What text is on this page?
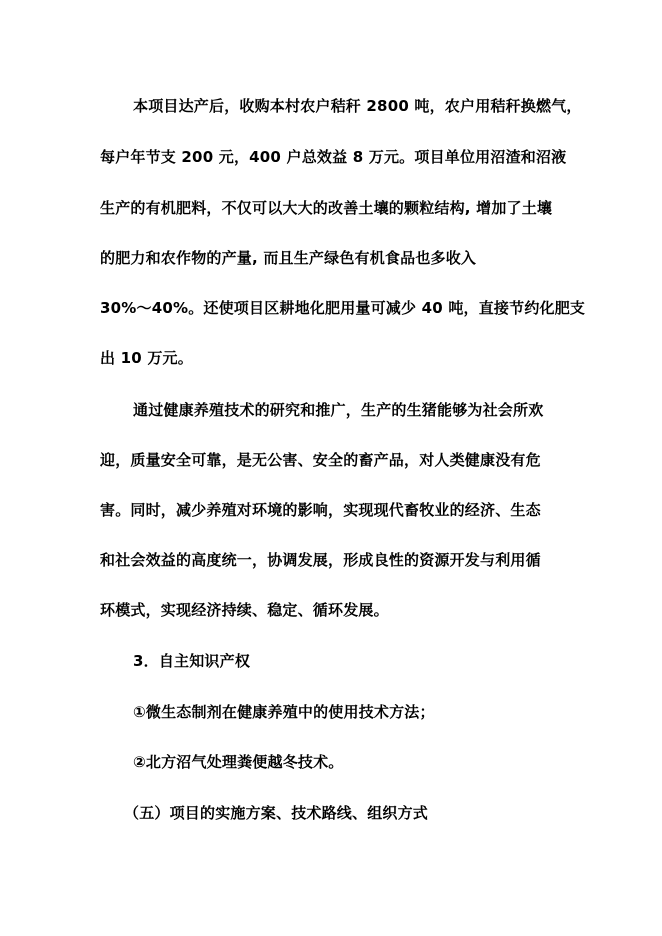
本项目达产后，收购本村农户秸秆 2800 吨，农户用秸秆换燃气，
每户年节支 200 元，400 户总效益 8 万元。项目单位用沼渣和沼液
生产的有机肥料，不仅可以大大的改善土壤的颗粒结构, 增加了土壤
的肥力和农作物的产量, 而且生产绿色有机食品也多收入
30%～40%。还使项目区耕地化肥用量可减少 40 吨，直接节约化肥支
出 10 万元。
通过健康养殖技术的研究和推广，生产的生猪能够为社会所欢
迎，质量安全可靠，是无公害、安全的畜产品，对人类健康没有危
害。同时，减少养殖对环境的影响，实现现代畜牧业的经济、生态
和社会效益的高度统一，协调发展，形成良性的资源开发与利用循
环模式，实现经济持续、稳定、循环发展。
3．自主知识产权
①微生态制剂在健康养殖中的使用技术方法；
②北方沼气处理粪便越冬技术。
（五）项目的实施方案、技术路线、组织方式
